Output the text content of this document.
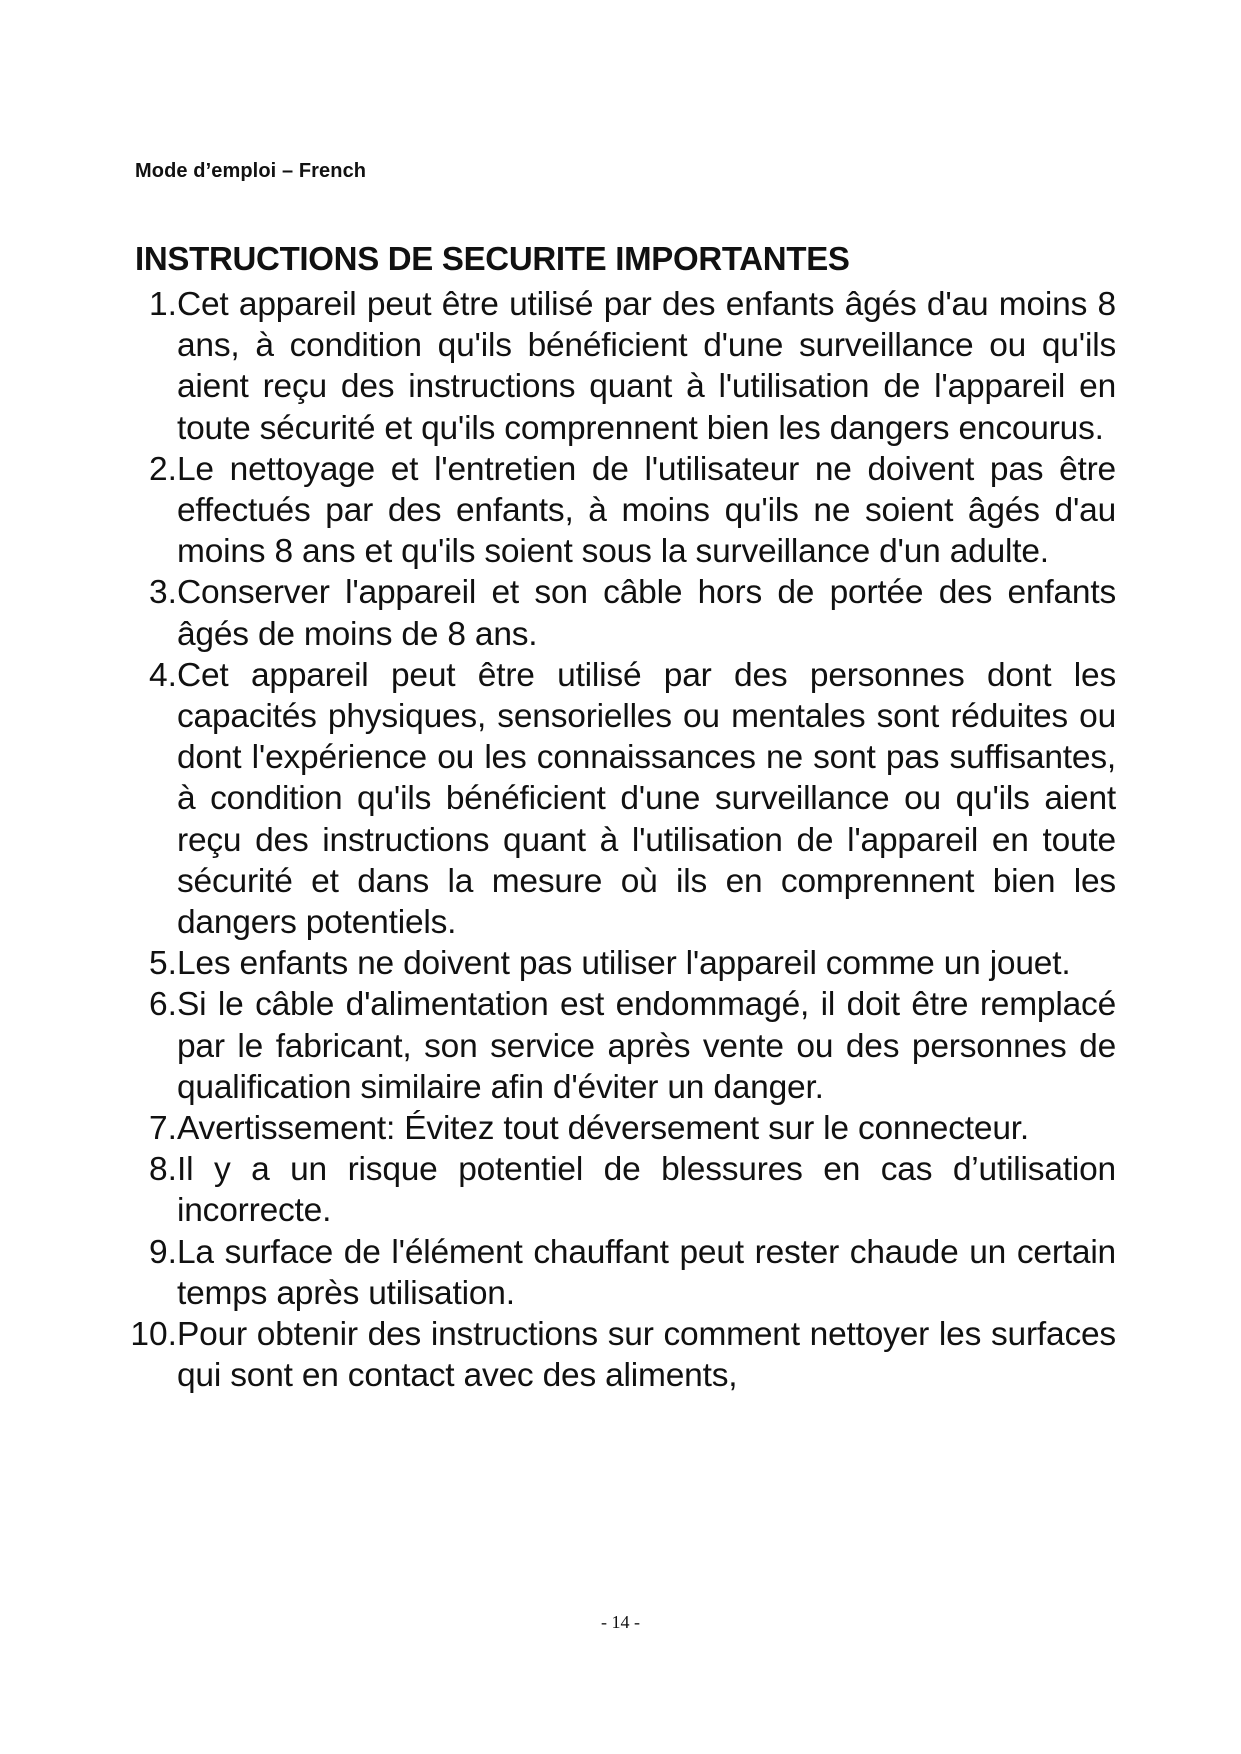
Mode d’emploi – French
INSTRUCTIONS DE SECURITE IMPORTANTES
1. Cet appareil peut être utilisé par des enfants âgés d'au moins 8 ans, à condition qu'ils bénéficient d'une surveillance ou qu'ils aient reçu des instructions quant à l'utilisation de l'appareil en toute sécurité et qu'ils comprennent bien les dangers encourus.
2. Le nettoyage et l'entretien de l'utilisateur ne doivent pas être effectués par des enfants, à moins qu'ils ne soient âgés d'au moins 8 ans et qu'ils soient sous la surveillance d'un adulte.
3. Conserver l'appareil et son câble hors de portée des enfants âgés de moins de 8 ans.
4. Cet appareil peut être utilisé par des personnes dont les capacités physiques, sensorielles ou mentales sont réduites ou dont l'expérience ou les connaissances ne sont pas suffisantes, à condition qu'ils bénéficient d'une surveillance ou qu'ils aient reçu des instructions quant à l'utilisation de l'appareil en toute sécurité et dans la mesure où ils en comprennent bien les dangers potentiels.
5. Les enfants ne doivent pas utiliser l'appareil comme un jouet.
6. Si le câble d'alimentation est endommagé, il doit être remplacé par le fabricant, son service après vente ou des personnes de qualification similaire afin d'éviter un danger.
7. Avertissement: Évitez tout déversement sur le connecteur.
8. Il y a un risque potentiel de blessures en cas d’utilisation incorrecte.
9. La surface de l'élément chauffant peut rester chaude un certain temps après utilisation.
10. Pour obtenir des instructions sur comment nettoyer les surfaces qui sont en contact avec des aliments,
- 14 -
